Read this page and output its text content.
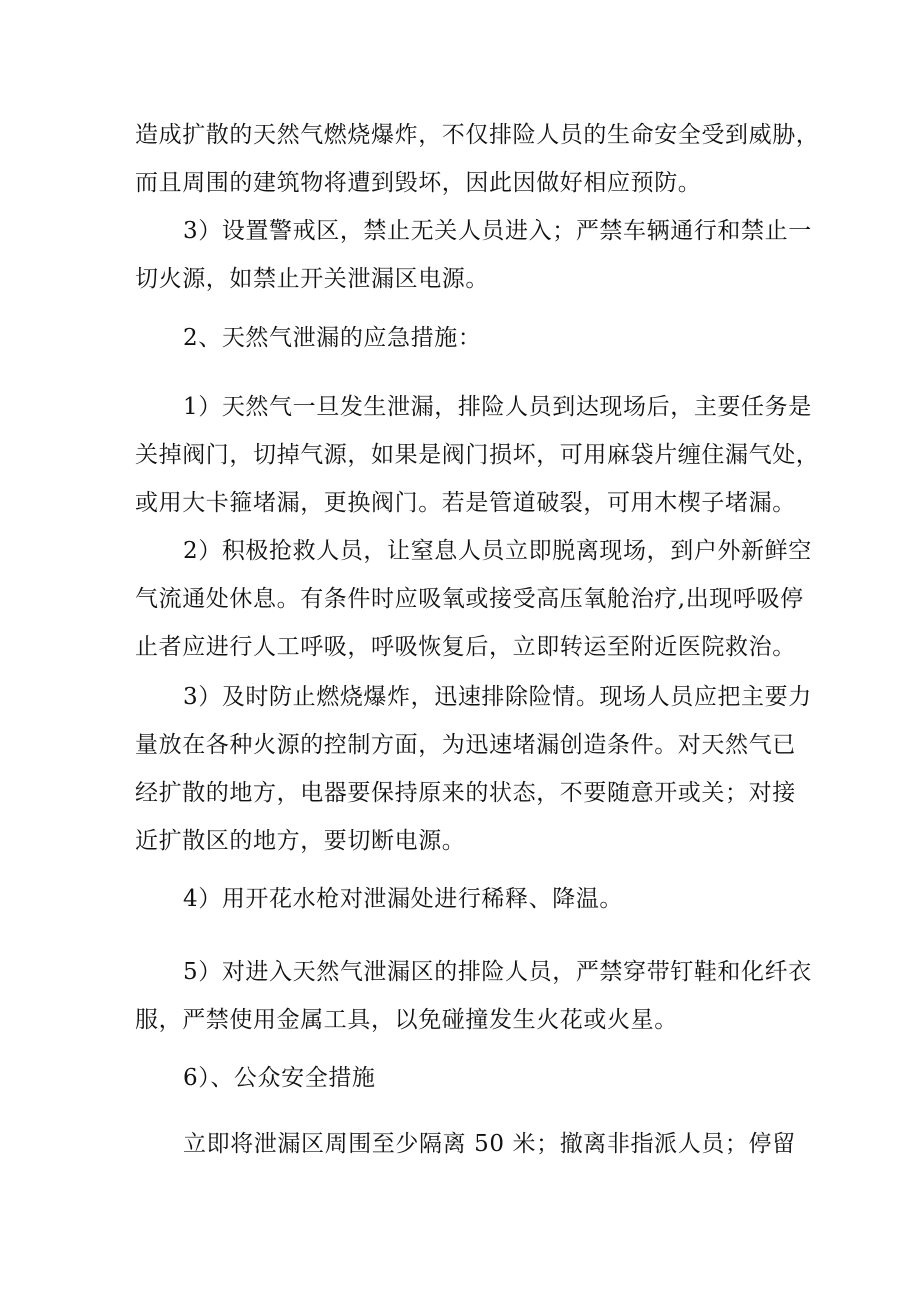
造成扩散的天然气燃烧爆炸，不仅排险人员的生命安全受到威胁，
而且周围的建筑物将遭到毁坏，因此因做好相应预防。
3）设置警戒区，禁止无关人员进入；严禁车辆通行和禁止一
切火源，如禁止开关泄漏区电源。
2、天然气泄漏的应急措施：
1）天然气一旦发生泄漏，排险人员到达现场后，主要任务是
关掉阀门，切掉气源，如果是阀门损坏，可用麻袋片缠住漏气处，
或用大卡箍堵漏，更换阀门。若是管道破裂，可用木楔子堵漏。
2）积极抢救人员，让窒息人员立即脱离现场，到户外新鲜空
气流通处休息。有条件时应吸氧或接受高压氧舱治疗,出现呼吸停
止者应进行人工呼吸，呼吸恢复后，立即转运至附近医院救治。
3）及时防止燃烧爆炸，迅速排除险情。现场人员应把主要力
量放在各种火源的控制方面，为迅速堵漏创造条件。对天然气已
经扩散的地方，电器要保持原来的状态，不要随意开或关；对接
近扩散区的地方，要切断电源。
4）用开花水枪对泄漏处进行稀释、降温。
5）对进入天然气泄漏区的排险人员，严禁穿带钉鞋和化纤衣
服，严禁使用金属工具，以免碰撞发生火花或火星。
6）、公众安全措施
立即将泄漏区周围至少隔离 50 米；撤离非指派人员；停留
